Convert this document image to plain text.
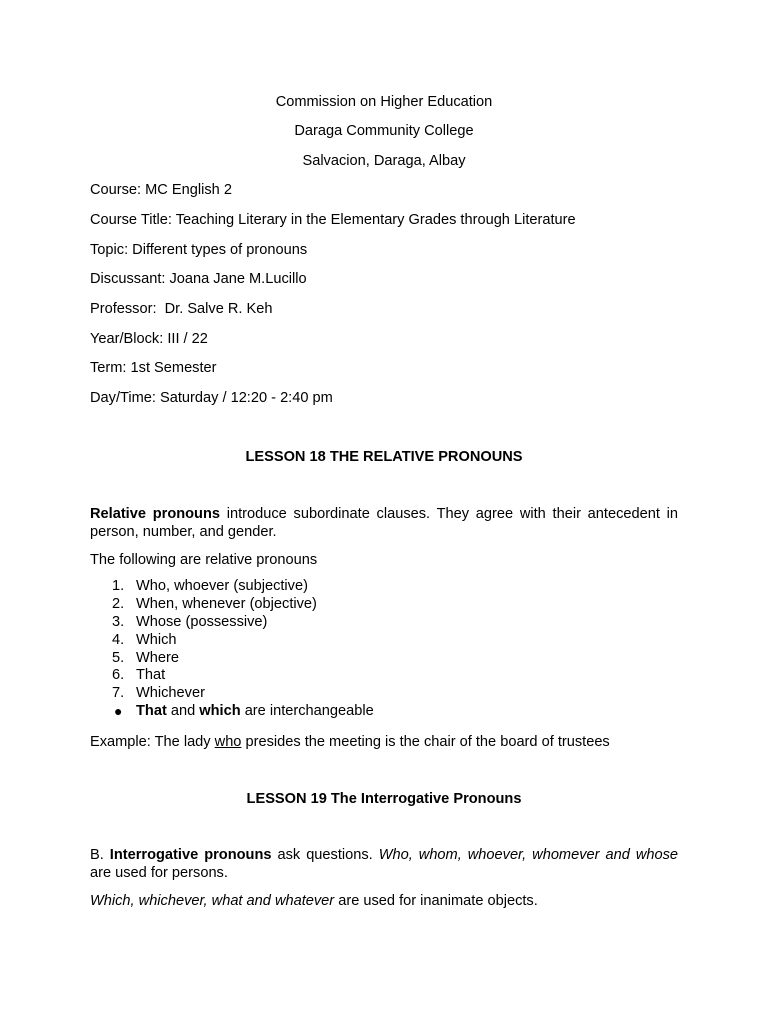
Commission on Higher Education
Daraga Community College
Salvacion, Daraga, Albay
Course: MC English 2
Course Title: Teaching Literary in the Elementary Grades through Literature
Topic: Different types of pronouns
Discussant: Joana Jane M.Lucillo
Professor:  Dr. Salve R. Keh
Year/Block: III / 22
Term: 1st Semester
Day/Time: Saturday / 12:20 - 2:40 pm
LESSON 18 THE RELATIVE PRONOUNS
Relative pronouns introduce subordinate clauses. They agree with their antecedent in person, number, and gender.
The following are relative pronouns
1. Who, whoever (subjective)
2. When, whenever (objective)
3. Whose (possessive)
4. Which
5. Where
6. That
7. Whichever
● That and which are interchangeable
Example: The lady who presides the meeting is the chair of the board of trustees
LESSON 19 The Interrogative Pronouns
B. Interrogative pronouns ask questions. Who, whom, whoever, whomever and whose are used for persons.
Which, whichever, what and whatever are used for inanimate objects.
